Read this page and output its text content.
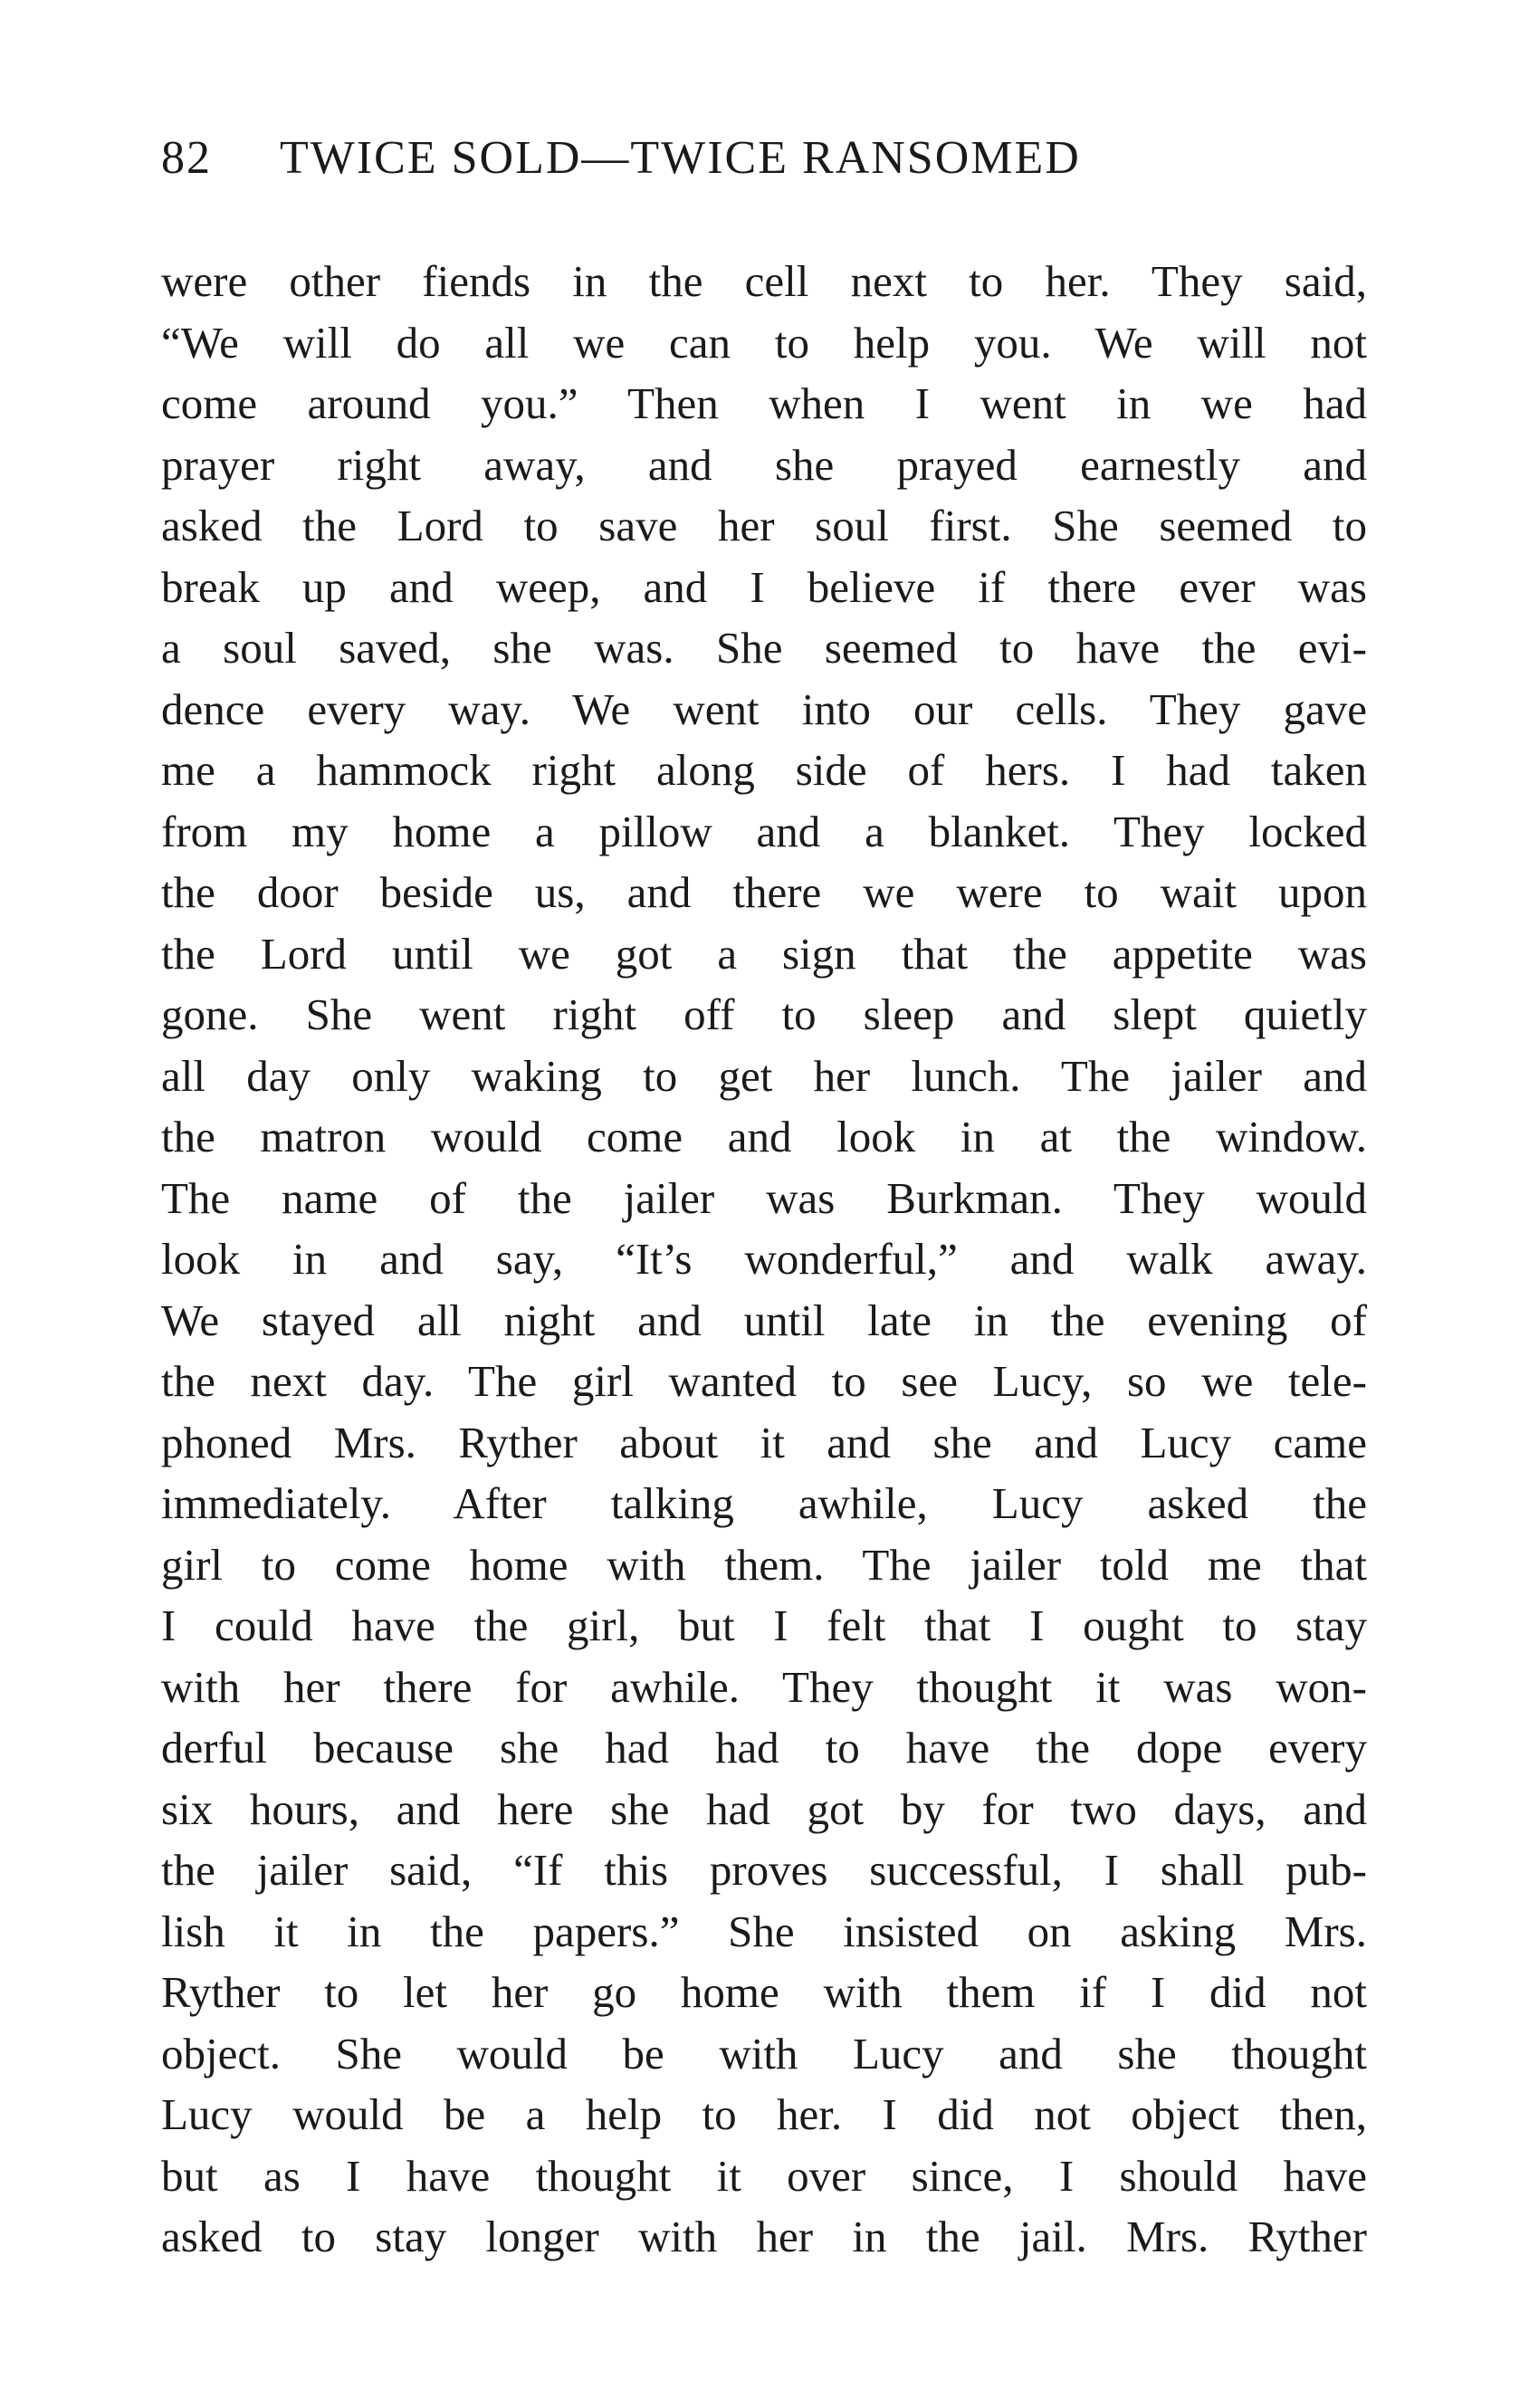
82 TWICE SOLD—TWICE RANSOMED
were other fiends in the cell next to her. They said,
“We will do all we can to help you. We will not
come around you.” Then when I went in we had
prayer right away, and she prayed earnestly and
asked the Lord to save her soul first. She seemed to
break up and weep, and I believe if there ever was
a soul saved, she was. She seemed to have the evi-
dence every way. We went into our cells. They gave
me a hammock right along side of hers. I had taken
from my home a pillow and a blanket. They locked
the door beside us, and there we were to wait upon
the Lord until we got a sign that the appetite was
gone. She went right off to sleep and slept quietly
all day only waking to get her lunch. The jailer and
the matron would come and look in at the window.
The name of the jailer was Burkman. They would
look in and say, “It’s wonderful,” and walk away.
We stayed all night and until late in the evening of
the next day. The girl wanted to see Lucy, so we tele-
phoned Mrs. Ryther about it and she and Lucy came
immediately. After talking awhile, Lucy asked the
girl to come home with them. The jailer told me that
I could have the girl, but I felt that I ought to stay
with her there for awhile. They thought it was won-
derful because she had had to have the dope every
six hours, and here she had got by for two days, and
the jailer said, “If this proves successful, I shall pub-
lish it in the papers.” She insisted on asking Mrs.
Ryther to let her go home with them if I did not
object. She would be with Lucy and she thought
Lucy would be a help to her. I did not object then,
but as I have thought it over since, I should have
asked to stay longer with her in the jail. Mrs. Ryther
